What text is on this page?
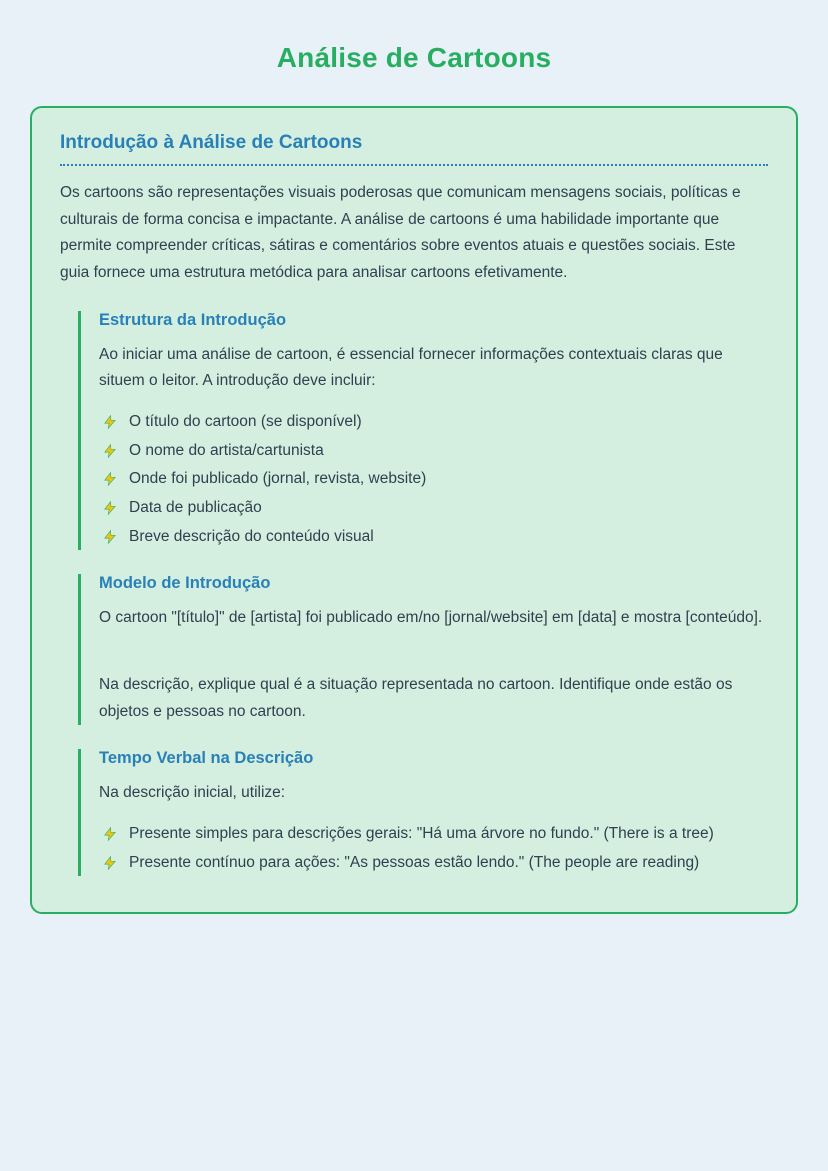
Análise de Cartoons
Introdução à Análise de Cartoons

Os cartoons são representações visuais poderosas que comunicam mensagens sociais, políticas e culturais de forma concisa e impactante. A análise de cartoons é uma habilidade importante que permite compreender críticas, sátiras e comentários sobre eventos atuais e questões sociais. Este guia fornece uma estrutura metódica para analisar cartoons efetivamente.

Estrutura da Introdução

Ao iniciar uma análise de cartoon, é essencial fornecer informações contextuais claras que situem o leitor. A introdução deve incluir:

O título do cartoon (se disponível)
O nome do artista/cartunista
Onde foi publicado (jornal, revista, website)
Data de publicação
Breve descrição do conteúdo visual
Modelo de Introdução

O cartoon "[título]" de [artista] foi publicado em/no [jornal/website] em [data] e mostra [conteúdo].

Na descrição, explique qual é a situação representada no cartoon. Identifique onde estão os objetos e pessoas no cartoon.

Tempo Verbal na Descrição

Na descrição inicial, utilize:

Presente simples para descrições gerais: "Há uma árvore no fundo." (There is a tree)
Presente contínuo para ações: "As pessoas estão lendo." (The people are reading)
